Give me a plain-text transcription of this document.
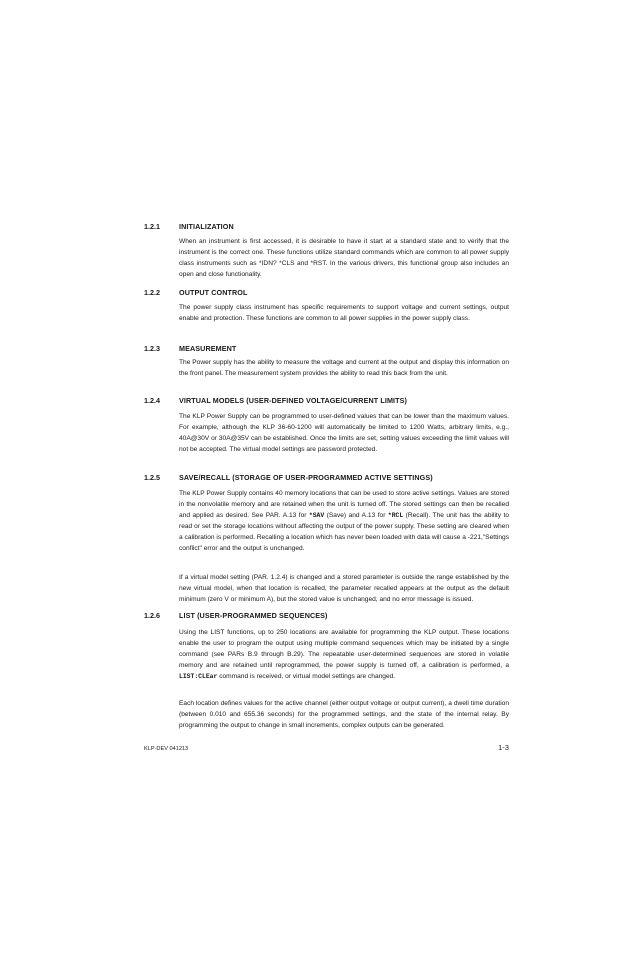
1.2.1	INITIALIZATION

When an instrument is first accessed, it is desirable to have it start at a standard state and to verify that the instrument is the correct one. These functions utilize standard commands which are common to all power supply class instruments such as *IDN? *CLS and *RST. In the various drivers, this functional group also includes an open and close functionality.

1.2.2	OUTPUT CONTROL

The power supply class instrument has specific requirements to support voltage and current settings, output enable and protection. These functions are common to all power supplies in the power supply class.

1.2.3	MEASUREMENT

The Power supply has the ability to measure the voltage and current at the output and display this information on the front panel. The measurement system provides the ability to read this back from the unit.

1.2.4	VIRTUAL MODELS (USER-DEFINED VOLTAGE/CURRENT LIMITS)

The KLP Power Supply can be programmed to user-defined values that can be lower than the maximum values. For example, although the KLP 36-60-1200 will automatically be limited to 1200 Watts, arbitrary limits, e.g., 40A@30V or 30A@35V can be established. Once the limits are set, setting values exceeding the limit values will not be accepted. The virtual model settings are password protected.

1.2.5	SAVE/RECALL (STORAGE OF USER-PROGRAMMED ACTIVE SETTINGS)

The KLP Power Supply contains 40 memory locations that can be used to store active settings. Values are stored in the nonvolatile memory and are retained when the unit is turned off. The stored settings can then be recalled and applied as desired. See PAR. A.13 for *SAV (Save) and A.13 for *RCL (Recall). The unit has the ability to read or set the storage locations without affecting the output of the power supply. These setting are cleared when a calibration is performed. Recalling a location which has never been loaded with data will cause a -221,"Settings conflict" error and the output is unchanged.

If a virtual model setting (PAR. 1.2.4) is changed and a stored parameter is outside the range established by the new virtual model, when that location is recalled, the parameter recalled appears at the output as the default minimum (zero V or minimum A), but the stored value is unchanged, and no error message is issued.

1.2.6	LIST (USER-PROGRAMMED SEQUENCES)

Using the LIST functions, up to 250 locations are available for programming the KLP output. These locations enable the user to program the output using multiple command sequences which may be initiated by a single command (see PARs B.9 through B.29). The repeatable user-determined sequences are stored in volatile memory and are retained until reprogrammed, the power supply is turned off, a calibration is performed, a LIST:CLEar command is received, or virtual model settings are changed.

Each location defines values for the active channel (either output voltage or output current), a dwell time duration (between 0.010 and 655.36 seconds) for the programmed settings, and the state of the internal relay. By programming the output to change in small increments, complex outputs can be generated.

KLP-DEV 041213	1-3
